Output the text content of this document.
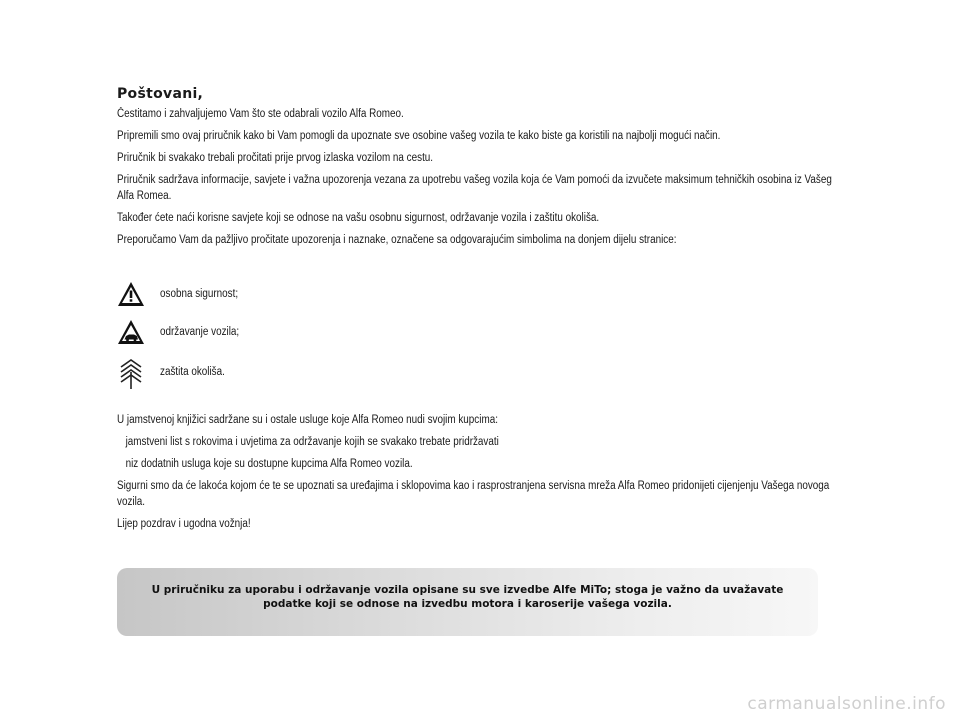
Poštovani,

Čestitamo i zahvaljujemo Vam što ste odabrali vozilo Alfa Romeo.

Pripremili smo ovaj priručnik kako bi Vam pomogli da upoznate sve osobine vašeg vozila te kako biste ga koristili na najbolji mogući način.

Priručnik bi svakako trebali pročitati prije prvog izlaska vozilom na cestu.

Priručnik sadržava informacije, savjete i važna upozorenja vezana za upotrebu vašeg vozila koja će Vam pomoći da izvučete maksimum tehničkih osobina iz Vašeg Alfa Romea.

Također ćete naći korisne savjete koji se odnose na vašu osobnu sigurnost, održavanje vozila i zaštitu okoliša.

Preporučamo Vam da pažljivo pročitate upozorenja i naznake, označene sa odgovarajućim simbolima na donjem dijelu stranice:

osobna sigurnost;
održavanje vozila;
zaštita okoliša.

U jamstvenoj knjižici sadržane su i ostale usluge koje Alfa Romeo nudi svojim kupcima:

jamstveni list s rokovima i uvjetima za održavanje kojih se svakako trebate pridržavati

niz dodatnih usluga koje su dostupne kupcima Alfa Romeo vozila.

Sigurni smo da će lakoća kojom će te se upoznati sa uređajima i sklopovima kao i rasprostranjena servisna mreža Alfa Romeo pridonijeti cijenjenju Vašega novoga vozila.

Lijep pozdrav i ugodna vožnja!

U priručniku za uporabu i održavanje vozila opisane su sve izvedbe Alfe MiTo; stoga je važno da uvažavate podatke koji se odnose na izvedbu motora i karoserije vašega vozila.
carmanualsonline.info
